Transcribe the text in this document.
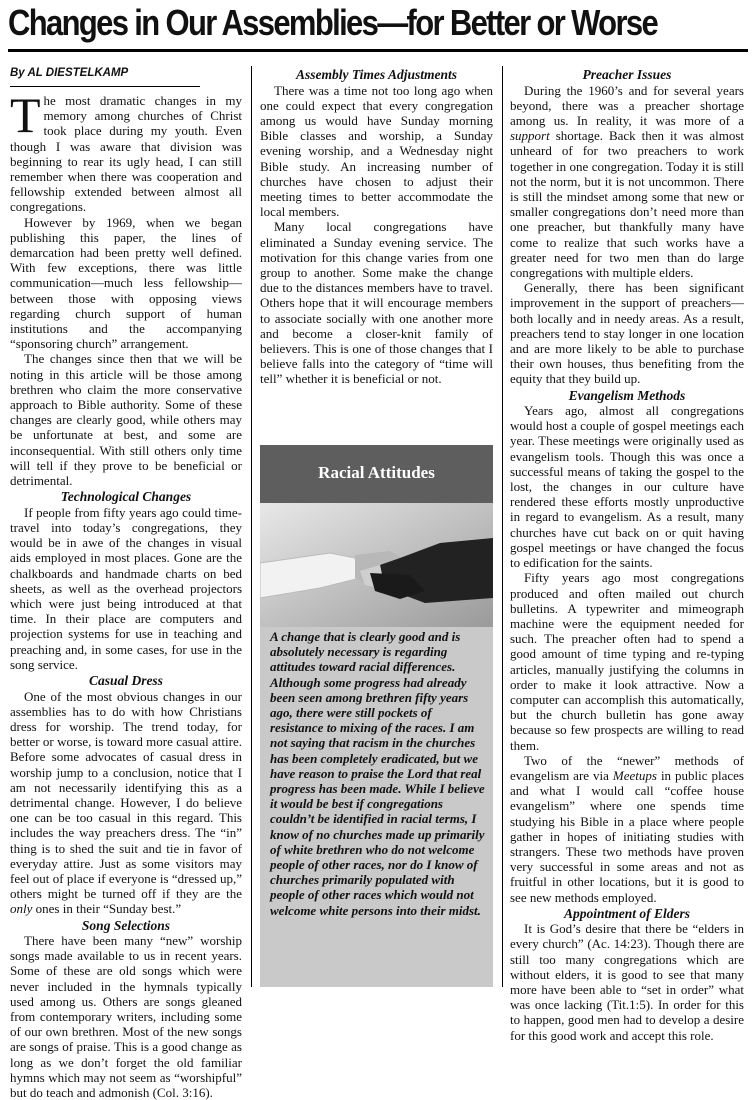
Changes in Our Assemblies—for Better or Worse
By AL DIESTELKAMP

The most dramatic changes in my memory among churches of Christ took place during my youth. Even though I was aware that division was beginning to rear its ugly head, I can still remember when there was cooperation and fellowship extended between almost all congregations.

However by 1969, when we began publishing this paper, the lines of demarcation had been pretty well defined. With few exceptions, there was little communication—much less fellowship—between those with opposing views regarding church support of human institutions and the accompanying “sponsoring church” arrangement.

The changes since then that we will be noting in this article will be those among brethren who claim the more conservative approach to Bible authority. Some of these changes are clearly good, while others may be unfortunate at best, and some are inconsequential. With still others only time will tell if they prove to be beneficial or detrimental.

Technological Changes

If people from fifty years ago could time-travel into today’s congregations, they would be in awe of the changes in visual aids employed in most places. Gone are the chalkboards and handmade charts on bed sheets, as well as the overhead projectors which were just being introduced at that time. In their place are computers and projection systems for use in teaching and preaching and, in some cases, for use in the song service.

Casual Dress

One of the most obvious changes in our assemblies has to do with how Christians dress for worship. The trend today, for better or worse, is toward more casual attire. Before some advocates of casual dress in worship jump to a conclusion, notice that I am not necessarily identifying this as a detrimental change. However, I do believe one can be too casual in this regard. This includes the way preachers dress. The “in” thing is to shed the suit and tie in favor of everyday attire. Just as some visitors may feel out of place if everyone is “dressed up,” others might be turned off if they are the only ones in their “Sunday best.”

Song Selections

There have been many “new” worship songs made available to us in recent years. Some of these are old songs which were never included in the hymnals typically used among us. Others are songs gleaned from contemporary writers, including some of our own brethren. Most of the new songs are songs of praise. This is a good change as long as we don’t forget the old familiar hymns which may not seem as “worshipful” but do teach and admonish (Col. 3:16).

Assembly Times Adjustments

There was a time not too long ago when one could expect that every congregation among us would have Sunday morning Bible classes and worship, a Sunday evening worship, and a Wednesday night Bible study. An increasing number of churches have chosen to adjust their meeting times to better accommodate the local members.

Many local congregations have eliminated a Sunday evening service. The motivation for this change varies from one group to another. Some make the change due to the distances members have to travel. Others hope that it will encourage members to associate socially with one another more and become a closer-knit family of believers. This is one of those changes that I believe falls into the category of “time will tell” whether it is beneficial or not.

Racial Attitudes
A change that is clearly good and is absolutely necessary is regarding attitudes toward racial differences. Although some progress had already been seen among brethren fifty years ago, there were still pockets of resistance to mixing of the races. I am not saying that racism in the churches has been completely eradicated, but we have reason to praise the Lord that real progress has been made. While I believe it would be best if congregations couldn’t be identified in racial terms, I know of no churches made up primarily of white brethren who do not welcome people of other races, nor do I know of churches primarily populated with people of other races which would not welcome white persons into their midst.
Preacher Issues

During the 1960’s and for several years beyond, there was a preacher shortage among us. In reality, it was more of a support shortage. Back then it was almost unheard of for two preachers to work together in one congregation. Today it is still not the norm, but it is not uncommon. There is still the mindset among some that new or smaller congregations don’t need more than one preacher, but thankfully many have come to realize that such works have a greater need for two men than do large congregations with multiple elders.

Generally, there has been significant improvement in the support of preachers—both locally and in needy areas. As a result, preachers tend to stay longer in one location and are more likely to be able to purchase their own houses, thus benefiting from the equity that they build up.

Evangelism Methods

Years ago, almost all congregations would host a couple of gospel meetings each year. These meetings were originally used as evangelism tools. Though this was once a successful means of taking the gospel to the lost, the changes in our culture have rendered these efforts mostly unproductive in regard to evangelism. As a result, many churches have cut back on or quit having gospel meetings or have changed the focus to edification for the saints.

Fifty years ago most congregations produced and often mailed out church bulletins. A typewriter and mimeograph machine were the equipment needed for such. The preacher often had to spend a good amount of time typing and re-typing articles, manually justifying the columns in order to make it look attractive. Now a computer can accomplish this automatically, but the church bulletin has gone away because so few prospects are willing to read them.

Two of the “newer” methods of evangelism are via Meetups in public places and what I would call “coffee house evangelism” where one spends time studying his Bible in a place where people gather in hopes of initiating studies with strangers. These two methods have proven very successful in some areas and not as fruitful in other locations, but it is good to see new methods employed.

Appointment of Elders

It is God’s desire that there be “elders in every church” (Ac. 14:23). Though there are still too many congregations which are without elders, it is good to see that many more have been able to “set in order” what was once lacking (Tit.1:5). In order for this to happen, good men had to develop a desire for this good work and accept this role.
